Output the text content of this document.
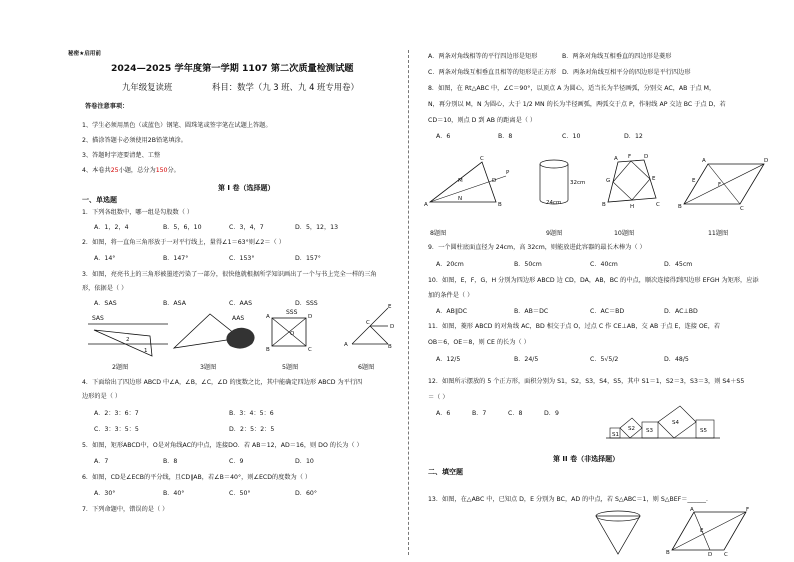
秘密★启用前
2024—2025 学年度第一学期 1107 第二次质量检测试题
九年级复读班	科目：数学（九 3 班、九 4 班专用卷）
答卷注意事项：
1、学生必须用黑色（或蓝色）钢笔、圆珠笔或签字笔在试题上答题。
2、描涂答题卡必须使用2B铅笔填涂。
3、答题时字迹要清楚、工整
4、本卷共25小题，总分为150分。
第 I 卷（选择题）
一、单选题
1．下列各组数中，哪一组是勾股数（ ）
A．1，2，4	B．5，6，10	C．3，4，7	D．5，12，13
2．如图，将一直角三角形放于一对平行线上，量得∠1＝63°则∠2＝（ ）
A．14°	B．147°	C．153°	D．157°
3．如图，亮亮书上的三角形被墨迹污染了一部分，很快他就根据所学知识画出了一个与书上完全一样的三角
形，依据是（ ）
A．SAS	B．ASA	C．AAS	D．SSS
SAS
1
2
AAS
SSS
A	D
B	C
O
A	B
C
D
E
2题图	3题图	5题图	6题图
4．下面给出了四边形 ABCD 中∠A，∠B，∠C，∠D 的度数之比，其中能确定四边形 ABCD 为平行四
边形的是（ ）
A．2：3：6：7	B．3：4：5：6
C．3：3：5：5	D．2：5：2：5
5．如图，矩形ABCD中，O是对角线AC的中点，连接DO．若 AB＝12，AD＝16，则 DO 的长为（ ）
A．7	B．8	C．9	D．10
6．如图，CD是∠ECB的平分线，且CD∥AB，若∠B＝40°，则∠ECD的度数为（ ）
A．30°	B．40°	C．50°	D．60°
7．下列命题中，错误的是（ ）
A．两条对角线相等的平行四边形是矩形	B．两条对角线互相垂直的四边形是菱形
C．两条对角线互相垂直且相等的矩形是正方形 D．两条对角线互相平分的四边形是平行四边形
8．如图，在 Rt△ABC 中，∠C＝90°，以顶点 A 为圆心，适当长为半径画弧，分别交 AC，AB 于点 M，
N，再分别以 M，N 为圆心，大于 1/2 MN 的长为半径画弧，两弧交于点 P，作射线 AP 交边 BC 于点 D，若
CD＝10，则点 D 到 AB 的距离是（ ）
A．6	B．8	C．10	D．12
A	B
C
D
P
M
N
32cm
24cm
A
B	C
D
E
F
G
H
A
B	C
D
E
F
8题图	9题图	10题图	11题图
9．一个圆柱底面直径为 24cm，高 32cm，则能放进此容器的最长木棒为（ ）
A．20cm	B．50cm	C．40cm	D．45cm
10．如图，E，F，G，H 分别为四边形 ABCD 边 CD，DA，AB，BC 的中点，顺次连接得到四边形 EFGH 为矩形，应添
加的条件是（ ）
A．AB∥DC	B．AB＝DC	C．AC＝BD	D．AC⊥BD
11．如图，菱形 ABCD 的对角线 AC，BD 相交于点 O，过点 C 作 CE⊥AB，交 AB 于点 E，连接 OE，若
OB＝6，OE＝8，则 CE 的长为（ ）
A．12/5	B．24/5	C．5√5/2	D．48/5
12．如图所示摆放的 5 个正方形，面积分别为 S1，S2，S3，S4，S5，其中 S1＝1，S2＝3，S3＝3，则 S4＋S5
＝（ ）
A．6	B．7	C．8	D．9
S1
S2 S3
S4
S5
第 II 卷（非选择题）
二、填空题
13．如图，在△ABC 中，已知点 D，E 分别为 BC，AD 的中点，若 S△ABC＝1，则 S△BEF＝______．
A
B	C
D
E
F
